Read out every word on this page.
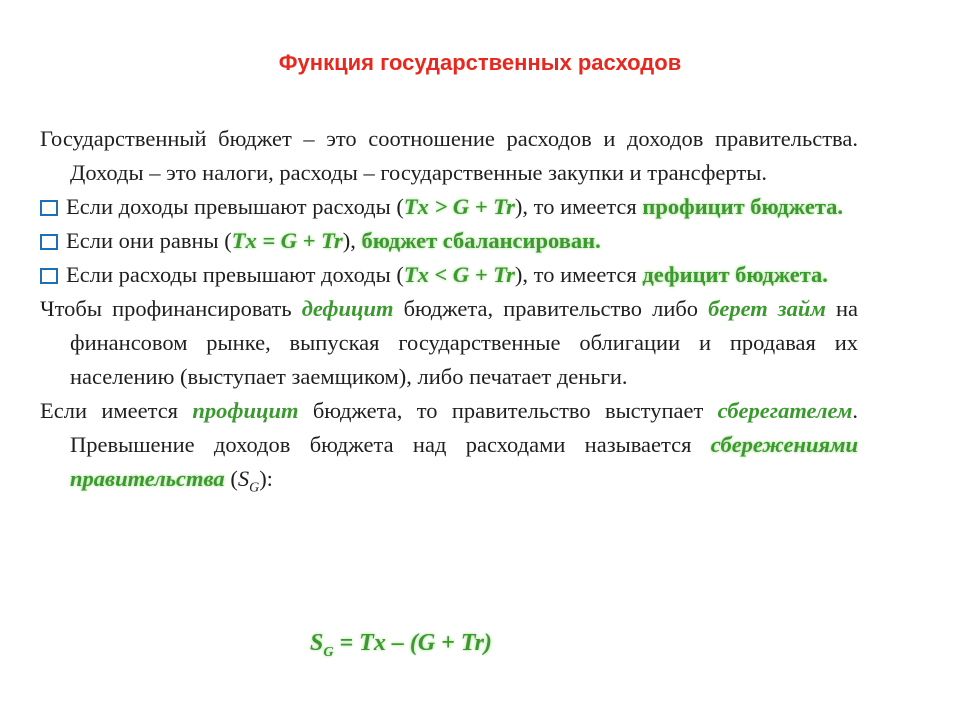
Функция государственных расходов
Государственный бюджет – это соотношение расходов и доходов правительства. Доходы – это налоги, расходы – государственные закупки и трансферты.
Если доходы превышают расходы (Tx > G + Tr), то имеется профицит бюджета.
Если они равны (Tx = G + Tr), бюджет сбалансирован.
Если расходы превышают доходы (Tx < G + Tr), то имеется дефицит бюджета.
Чтобы профинансировать дефицит бюджета, правительство либо берет займ на финансовом рынке, выпуская государственные облигации и продавая их населению (выступает заемщиком), либо печатает деньги.
Если имеется профицит бюджета, то правительство выступает сберегателем. Превышение доходов бюджета над расходами называется сбережениями правительства $(S_G)$:
$S_G = Tx - (G + Tr)$
